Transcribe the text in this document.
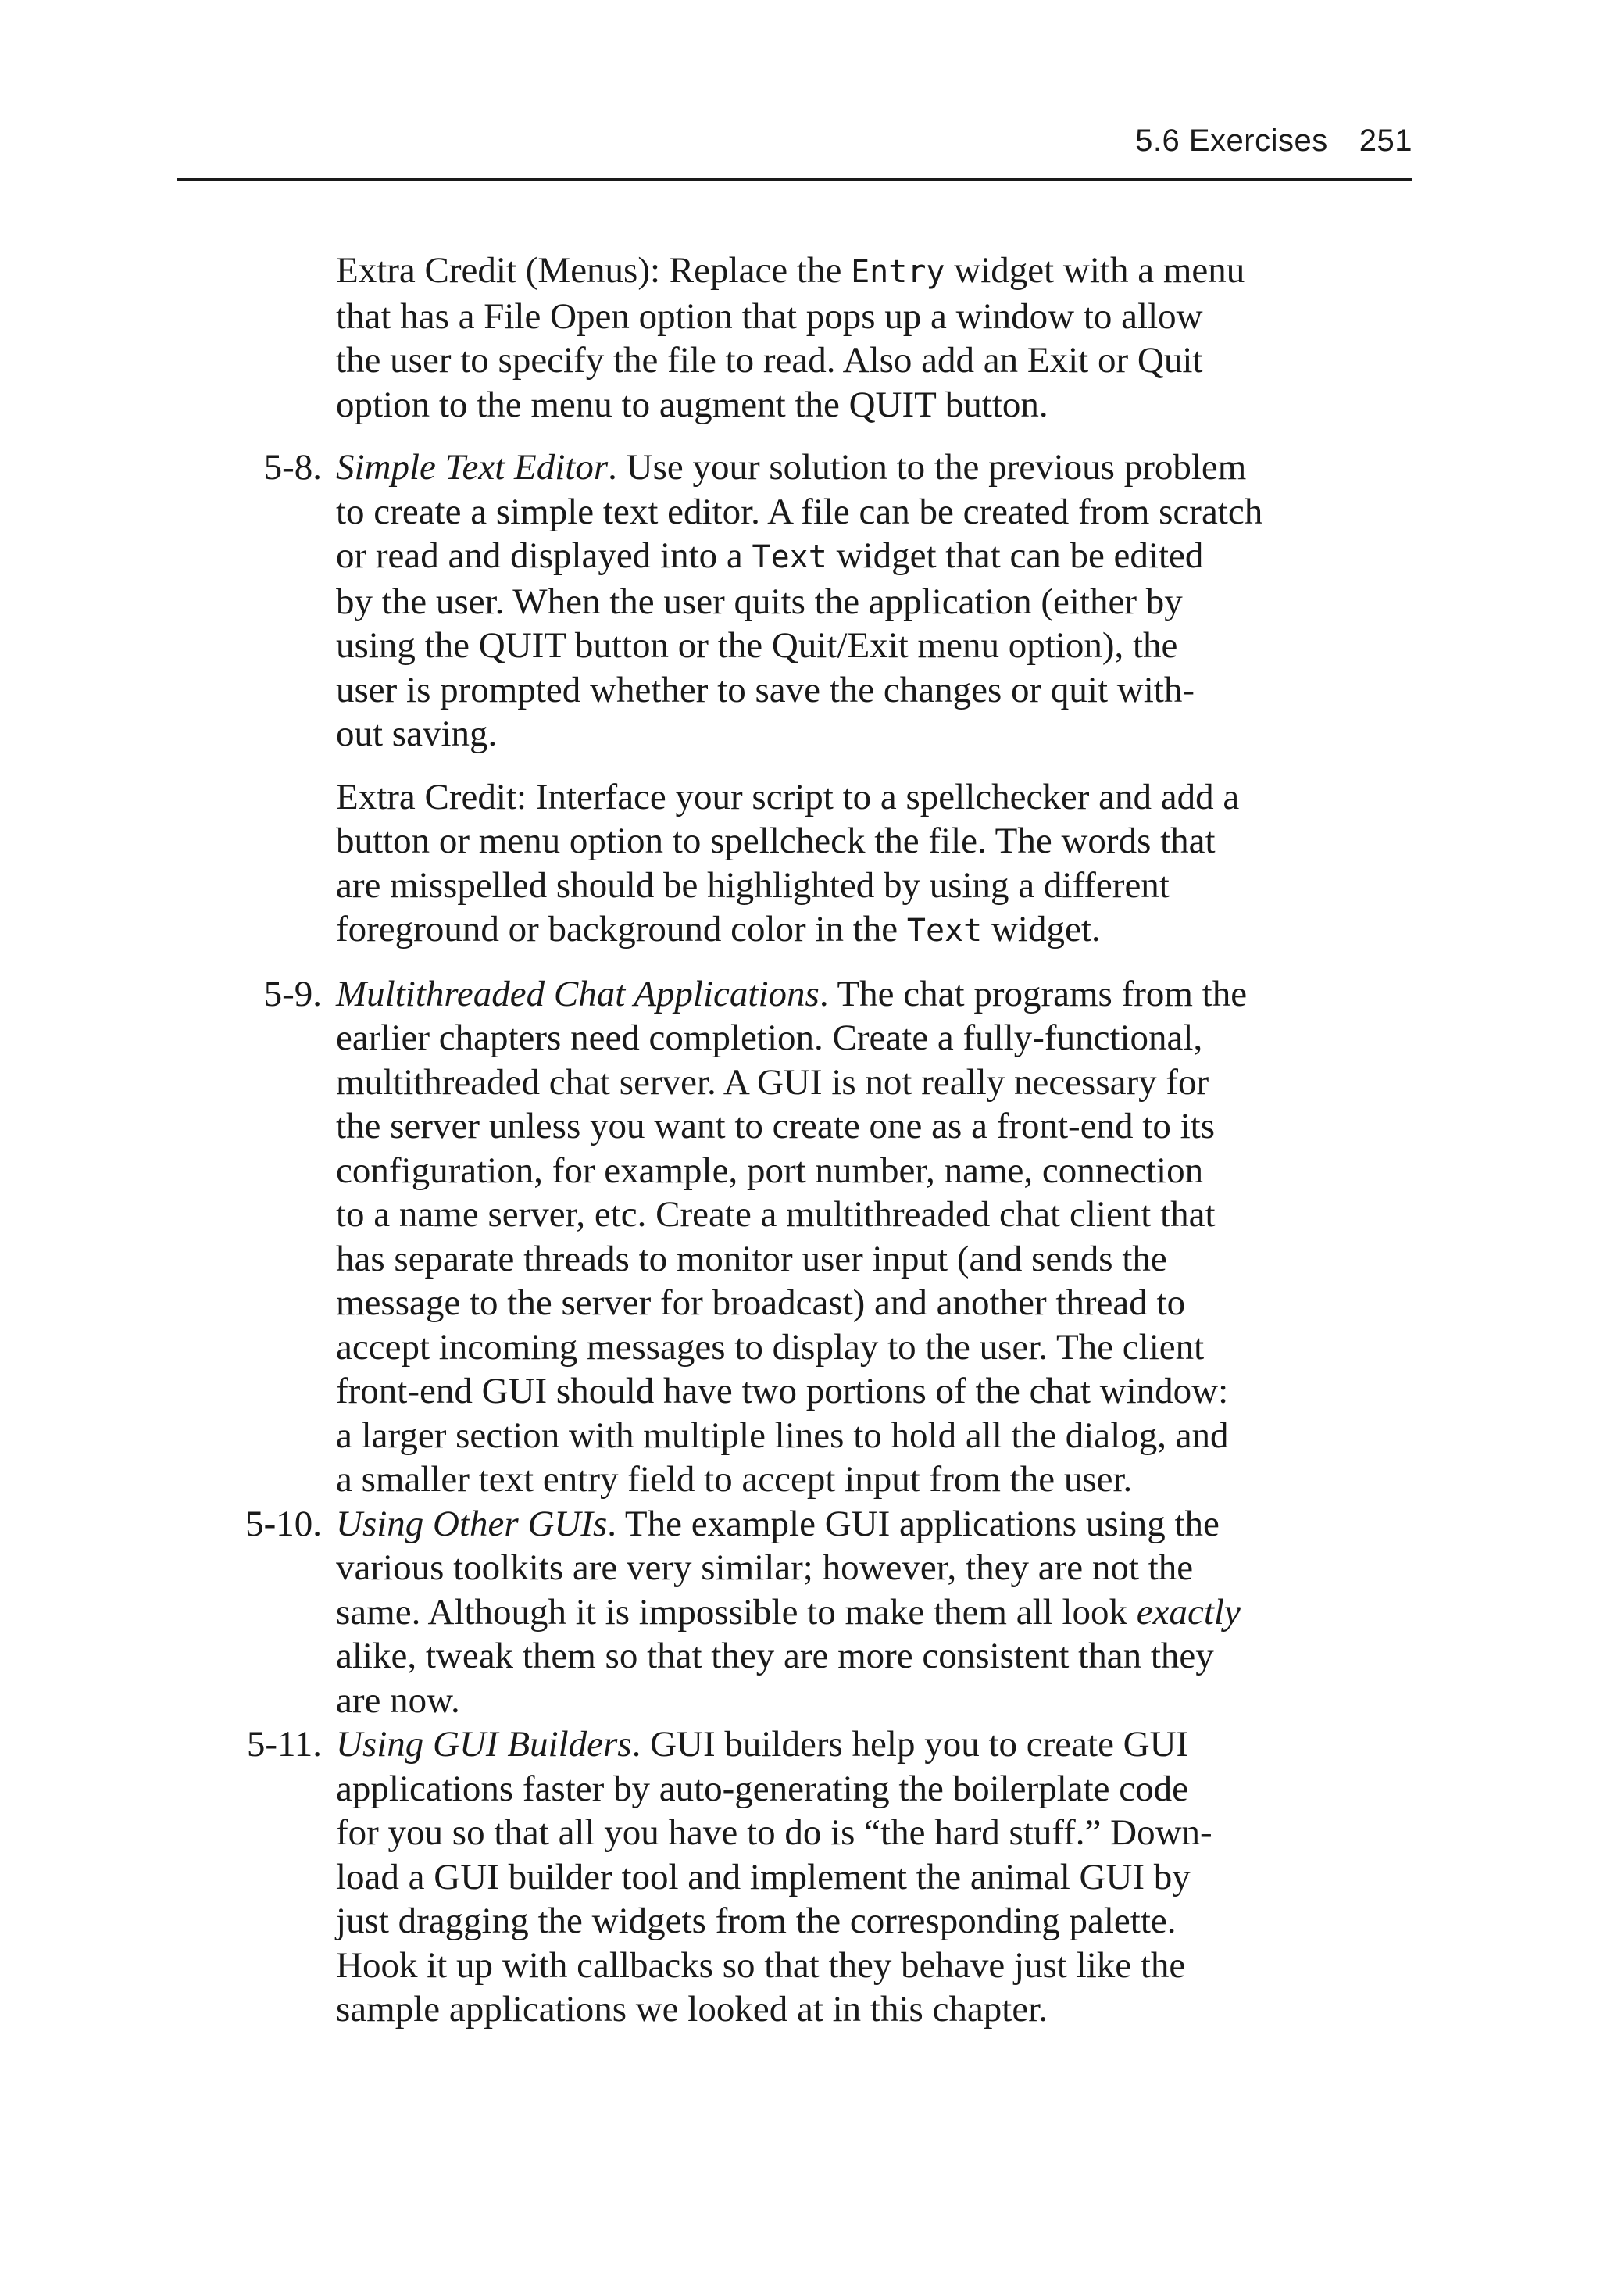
5.6 Exercises 251
Extra Credit (Menus): Replace the Entry widget with a menu
that has a File Open option that pops up a window to allow
the user to specify the file to read. Also add an Exit or Quit
option to the menu to augment the QUIT button.
5-8. Simple Text Editor. Use your solution to the previous problem
to create a simple text editor. A file can be created from scratch
or read and displayed into a Text widget that can be edited
by the user. When the user quits the application (either by
using the QUIT button or the Quit/Exit menu option), the
user is prompted whether to save the changes or quit with-
out saving.
Extra Credit: Interface your script to a spellchecker and add a
button or menu option to spellcheck the file. The words that
are misspelled should be highlighted by using a different
foreground or background color in the Text widget.
5-9. Multithreaded Chat Applications. The chat programs from the
earlier chapters need completion. Create a fully-functional,
multithreaded chat server. A GUI is not really necessary for
the server unless you want to create one as a front-end to its
configuration, for example, port number, name, connection
to a name server, etc. Create a multithreaded chat client that
has separate threads to monitor user input (and sends the
message to the server for broadcast) and another thread to
accept incoming messages to display to the user. The client
front-end GUI should have two portions of the chat window:
a larger section with multiple lines to hold all the dialog, and
a smaller text entry field to accept input from the user.
5-10. Using Other GUIs. The example GUI applications using the
various toolkits are very similar; however, they are not the
same. Although it is impossible to make them all look exactly
alike, tweak them so that they are more consistent than they
are now.
5-11. Using GUI Builders. GUI builders help you to create GUI
applications faster by auto-generating the boilerplate code
for you so that all you have to do is “the hard stuff.” Down-
load a GUI builder tool and implement the animal GUI by
just dragging the widgets from the corresponding palette.
Hook it up with callbacks so that they behave just like the
sample applications we looked at in this chapter.
